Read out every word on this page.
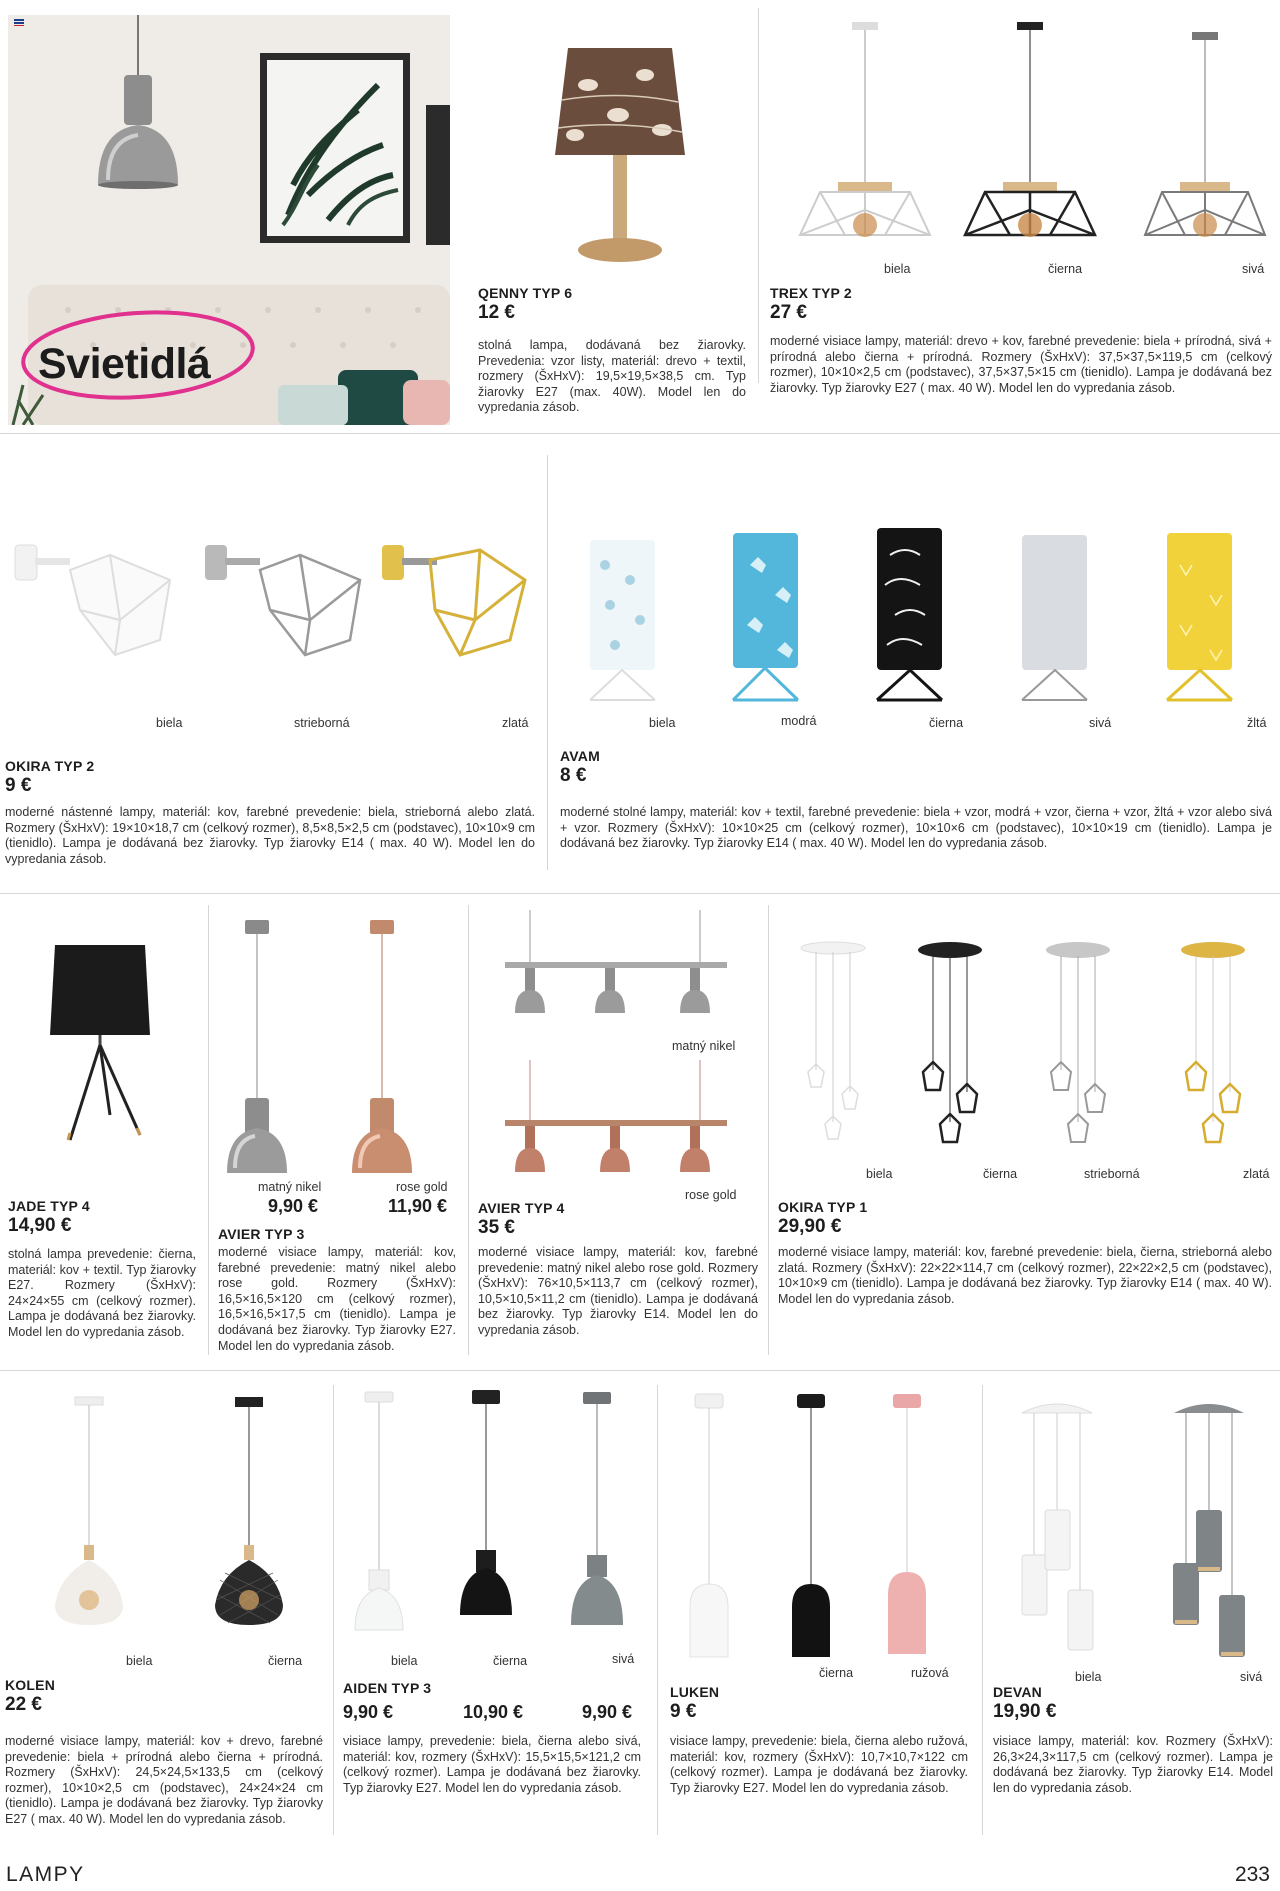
Svietidlá
QENNY TYP 6
12 €
stolná lampa, dodávaná bez žiarovky. Prevedenia: vzor listy, materiál: drevo + textil, rozmery (ŠxHxV): 19,5×19,5×38,5 cm. Typ žiarovky E27 (max. 40W). Model len do vypredania zásob.
biela	čierna	sivá
TREX TYP 2
27 €
moderné visiace lampy, materiál: drevo + kov, farebné prevedenie: biela + prírodná, sivá + prírodná alebo čierna + prírodná. Rozmery (ŠxHxV): 37,5×37,5×119,5 cm (celkový rozmer), 10×10×2,5 cm (podstavec), 37,5×37,5×15 cm (tienidlo). Lampa je dodávaná bez žiarovky. Typ žiarovky E27 ( max. 40 W). Model len do vypredania zásob.
biela	strieborná	zlatá
OKIRA TYP 2
9 €
moderné nástenné lampy, materiál: kov, farebné prevedenie: biela, strieborná alebo zlatá. Rozmery (ŠxHxV): 19×10×18,7 cm (celkový rozmer), 8,5×8,5×2,5 cm (podstavec), 10×10×9 cm (tienidlo). Lampa je dodávaná bez žiarovky. Typ žiarovky E14 ( max. 40 W). Model len do vypredania zásob.
biela	modrá	čierna	sivá	žltá
AVAM
8 €
moderné stolné lampy, materiál: kov + textil, farebné prevedenie: biela + vzor, modrá + vzor, čierna + vzor, žltá + vzor alebo sivá + vzor. Rozmery (ŠxHxV): 10×10×25 cm (celkový rozmer), 10×10×6 cm (podstavec), 10×10×19 cm (tienidlo). Lampa je dodávaná bez žiarovky. Typ žiarovky E14 ( max. 40 W). Model len do vypredania zásob.
JADE TYP 4
14,90 €
stolná lampa prevedenie: čierna, materiál: kov + textil. Typ žiarovky E27. Rozmery (ŠxHxV): 24×24×55 cm (celkový rozmer). Lampa je dodávaná bez žiarovky. Model len do vypredania zásob.
matný nikel	rose gold
9,90 €	11,90 €
AVIER TYP 3
moderné visiace lampy, materiál: kov, farebné prevedenie: matný nikel alebo rose gold. Rozmery (ŠxHxV): 16,5×16,5×120 cm (celkový rozmer), 16,5×16,5×17,5 cm (tienidlo). Lampa je dodávaná bez žiarovky. Typ žiarovky E27. Model len do vypredania zásob.
matný nikel
rose gold
AVIER TYP 4
35 €
moderné visiace lampy, materiál: kov, farebné prevedenie: matný nikel alebo rose gold. Rozmery (ŠxHxV): 76×10,5×113,7 cm (celkový rozmer), 10,5×10,5×11,2 cm (tienidlo). Lampa je dodávaná bez žiarovky. Typ žiarovky E14. Model len do vypredania zásob.
biela	čierna	strieborná	zlatá
OKIRA TYP 1
29,90 €
moderné visiace lampy, materiál: kov, farebné prevedenie: biela, čierna, strieborná alebo zlatá. Rozmery (ŠxHxV): 22×22×114,7 cm (celkový rozmer), 22×22×2,5 cm (podstavec), 10×10×9 cm (tienidlo). Lampa je dodávaná bez žiarovky. Typ žiarovky E14 ( max. 40 W). Model len do vypredania zásob.
biela	čierna
KOLEN
22 €
moderné visiace lampy, materiál: kov + drevo, farebné prevedenie: biela + prírodná alebo čierna + prírodná. Rozmery (ŠxHxV): 24,5×24,5×133,5 cm (celkový rozmer), 10×10×2,5 cm (podstavec), 24×24×24 cm (tienidlo). Lampa je dodávaná bez žiarovky. Typ žiarovky E27 ( max. 40 W). Model len do vypredania zásob.
biela	čierna	sivá
AIDEN TYP 3
9,90 €	10,90 €	9,90 €
visiace lampy, prevedenie: biela, čierna alebo sivá, materiál: kov, rozmery (ŠxHxV): 15,5×15,5×121,2 cm (celkový rozmer). Lampa je dodávaná bez žiarovky. Typ žiarovky E27. Model len do vypredania zásob.
čierna	ružová
LUKEN
9 €
visiace lampy, prevedenie: biela, čierna alebo ružová, materiál: kov, rozmery (ŠxHxV): 10,7×10,7×122 cm (celkový rozmer). Lampa je dodávaná bez žiarovky. Typ žiarovky E27. Model len do vypredania zásob.
biela	sivá
DEVAN
19,90 €
visiace lampy, materiál: kov. Rozmery (ŠxHxV): 26,3×24,3×117,5 cm (celkový rozmer). Lampa je dodávaná bez žiarovky. Typ žiarovky E14. Model len do vypredania zásob.
LAMPY	233
